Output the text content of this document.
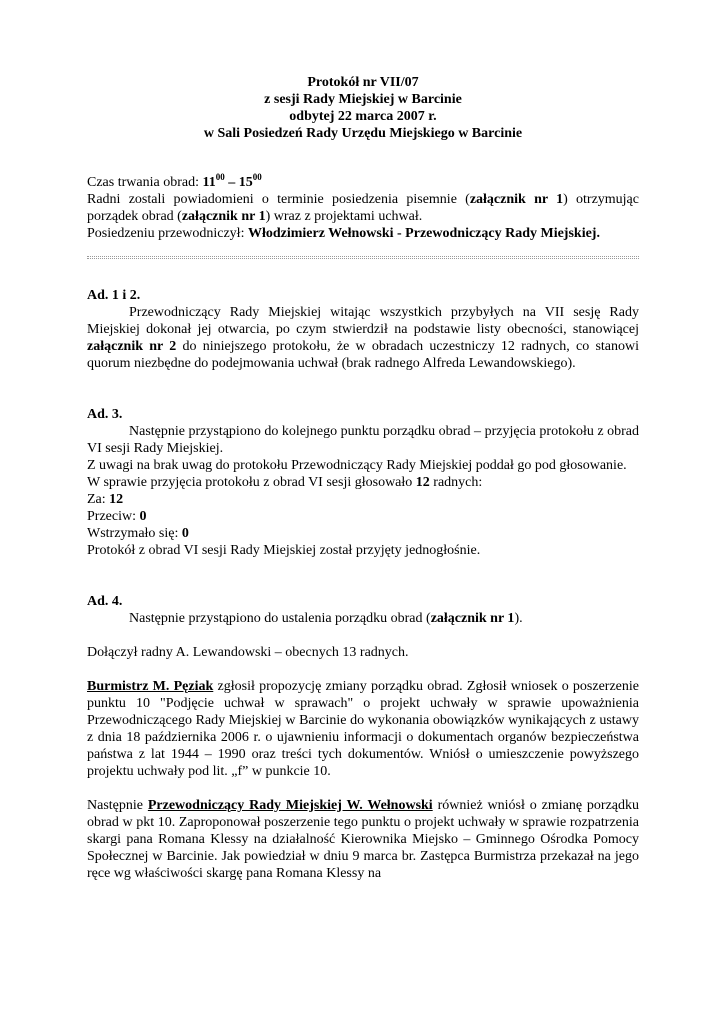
Protokół nr VII/07
z sesji Rady Miejskiej w Barcinie
odbytej 22 marca 2007 r.
w Sali Posiedzeń Rady Urzędu Miejskiego w Barcinie

Czas trwania obrad: $11^{00} - 15^{00}$

Radni zostali powiadomieni o terminie posiedzenia pisemnie (załącznik nr 1) otrzymując porządek obrad (załącznik nr 1) wraz z projektami uchwał.

Posiedzeniu przewodniczył: Włodzimierz Wełnowski - Przewodniczący Rady Miejskiej.

Ad. 1 i 2.

Przewodniczący Rady Miejskiej witając wszystkich przybyłych na VII sesję Rady Miejskiej dokonał jej otwarcia, po czym stwierdził na podstawie listy obecności, stanowiącej załącznik nr 2 do niniejszego protokołu, że w obradach uczestniczy 12 radnych, co stanowi quorum niezbędne do podejmowania uchwał (brak radnego Alfreda Lewandowskiego).

Ad. 3.

Następnie przystąpiono do kolejnego punktu porządku obrad – przyjęcia protokołu z obrad VI sesji Rady Miejskiej.

Z uwagi na brak uwag do protokołu Przewodniczący Rady Miejskiej poddał go pod głosowanie.

W sprawie przyjęcia protokołu z obrad VI sesji głosowało 12 radnych:

Za: 12

Przeciw: 0

Wstrzymało się: 0

Protokół z obrad VI sesji Rady Miejskiej został przyjęty jednogłośnie.

Ad. 4.

Następnie przystąpiono do ustalenia porządku obrad (załącznik nr 1).

Dołączył radny A. Lewandowski – obecnych 13 radnych.

Burmistrz M. Pęziak zgłosił propozycję zmiany porządku obrad. Zgłosił wniosek o poszerzenie punktu 10 "Podjęcie uchwał w sprawach" o projekt uchwały w sprawie upoważnienia Przewodniczącego Rady Miejskiej w Barcinie do wykonania obowiązków wynikających z ustawy z dnia 18 października 2006 r. o ujawnieniu informacji o dokumentach organów bezpieczeństwa państwa z lat 1944 – 1990 oraz treści tych dokumentów. Wniósł o umieszczenie powyższego projektu uchwały pod lit. „f” w punkcie 10.

Następnie Przewodniczący Rady Miejskiej W. Wełnowski również wniósł o zmianę porządku obrad w pkt 10. Zaproponował poszerzenie tego punktu o projekt uchwały w sprawie rozpatrzenia skargi pana Romana Klessy na działalność Kierownika Miejsko – Gminnego Ośrodka Pomocy Społecznej w Barcinie. Jak powiedział w dniu 9 marca br. Zastępca Burmistrza przekazał na jego ręce wg właściwości skargę pana Romana Klessy na
